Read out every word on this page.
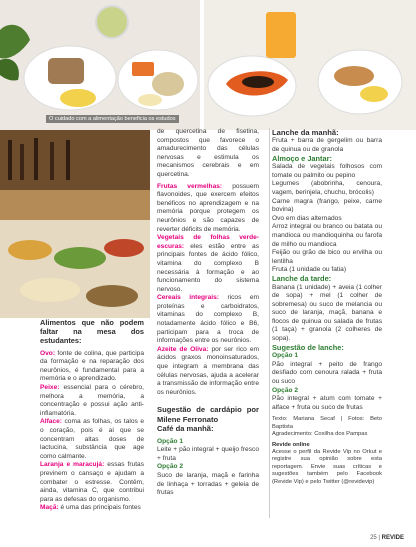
O cuidado com a alimentação beneficia os estudos

Alimentos que não podem faltar na mesa dos estudantes:

Ovo: fonte de colina, que participa da formação e na reparação dos neurônios, é fundamental para a memória e o aprendizado.

Peixe: essencial para o cérebro, melhora a memória, a concentração e possui ação anti-inflamatória.

Alface: coma as folhas, os talos e o coração, pois é aí que se concentram altas doses de lactucina, substância que age como calmante.

Laranja e maracujá: essas frutas previnem o cansaço e ajudam a combater o estresse. Contêm, ainda, vitamina C, que contribui para as defesas do organismo.

Maçã: é uma das principais fontes

de quercetina de fisetina, compostos que favorece o amadurecimento das células nervosas e estimula os mecanismos cerebrais e em quercetina.

Frutas vermelhas: possuem flavonoides, que exercem efeitos benéficos no aprendizagem e na memória porque protegem os neurônios e são capazes de reverter déficits de memória.

Vegetais de folhas verde-escuras: eles estão entre as principais fontes de ácido fólico, vitamina do complexo B necessária à formação e ao funcionamento do sistema nervoso.

Cereais integrais: ricos em proteínas e carboidratos, vitaminas do complexo B, notadamente ácido fólico e B6, participam para a troca de informações entre os neurônios.

Azeite de Oliva: por ser rico em ácidos graxos monoinsaturados, que integram a membrana das células nervosas, ajuda a acelerar a transmissão de informação entre os neurônios.

Sugestão de cardápio por Milene Ferronato

Café da manhã:

Opção 1

Leite + pão integral + queijo fresco + fruta

Opção 2

Suco de laranja, maçã e farinha de linhaça + torradas + geleia de frutas

Lanche da manhã:

Fruta + barra de gergelim ou barra de quinua ou de granola

Almoço e Jantar:

Salada de vegetais folhosos com tomate ou palmito ou pepino

Legumes (abobrinha, cenoura, vagem, berinjela, chuchu, brócolis)

Carne magra (frango, peixe, carne bovina)

Ovo em dias alternados

Arroz integral ou branco ou batata ou mandioca ou mandioquinha ou farofa de milho ou mandioca

Feijão ou grão de bico ou ervilha ou lentilha

Fruta (1 unidade ou fatia)

Lanche da tarde:

Banana (1 unidade) + aveia (1 colher de sopa) + mel (1 colher de sobremesa) ou suco de melancia ou suco de laranja, maçã, banana e flocos de quinua ou salada de frutas (1 taça) + granola (2 colheres de sopa).

Sugestão de lanche:

Opção 1

Pão integral + peito de frango desfiado com cenoura ralada + fruta ou suco

Opção 2

Pão integral + atum com tomate + alface + fruta ou suco de frutas

Texto: Mariana Secaf | Fotos: Beto Baptista

Agradecimento: Coxilha dos Pampas

Revide online

Acesse o perfil da Revide Vip no Orkut e registre sua opinião sobre esta reportagem. Envie suas críticas e sugestões também pelo Facebook (Revide Vip) e pelo Twitter (@revidevip)

25 | REVIDE
